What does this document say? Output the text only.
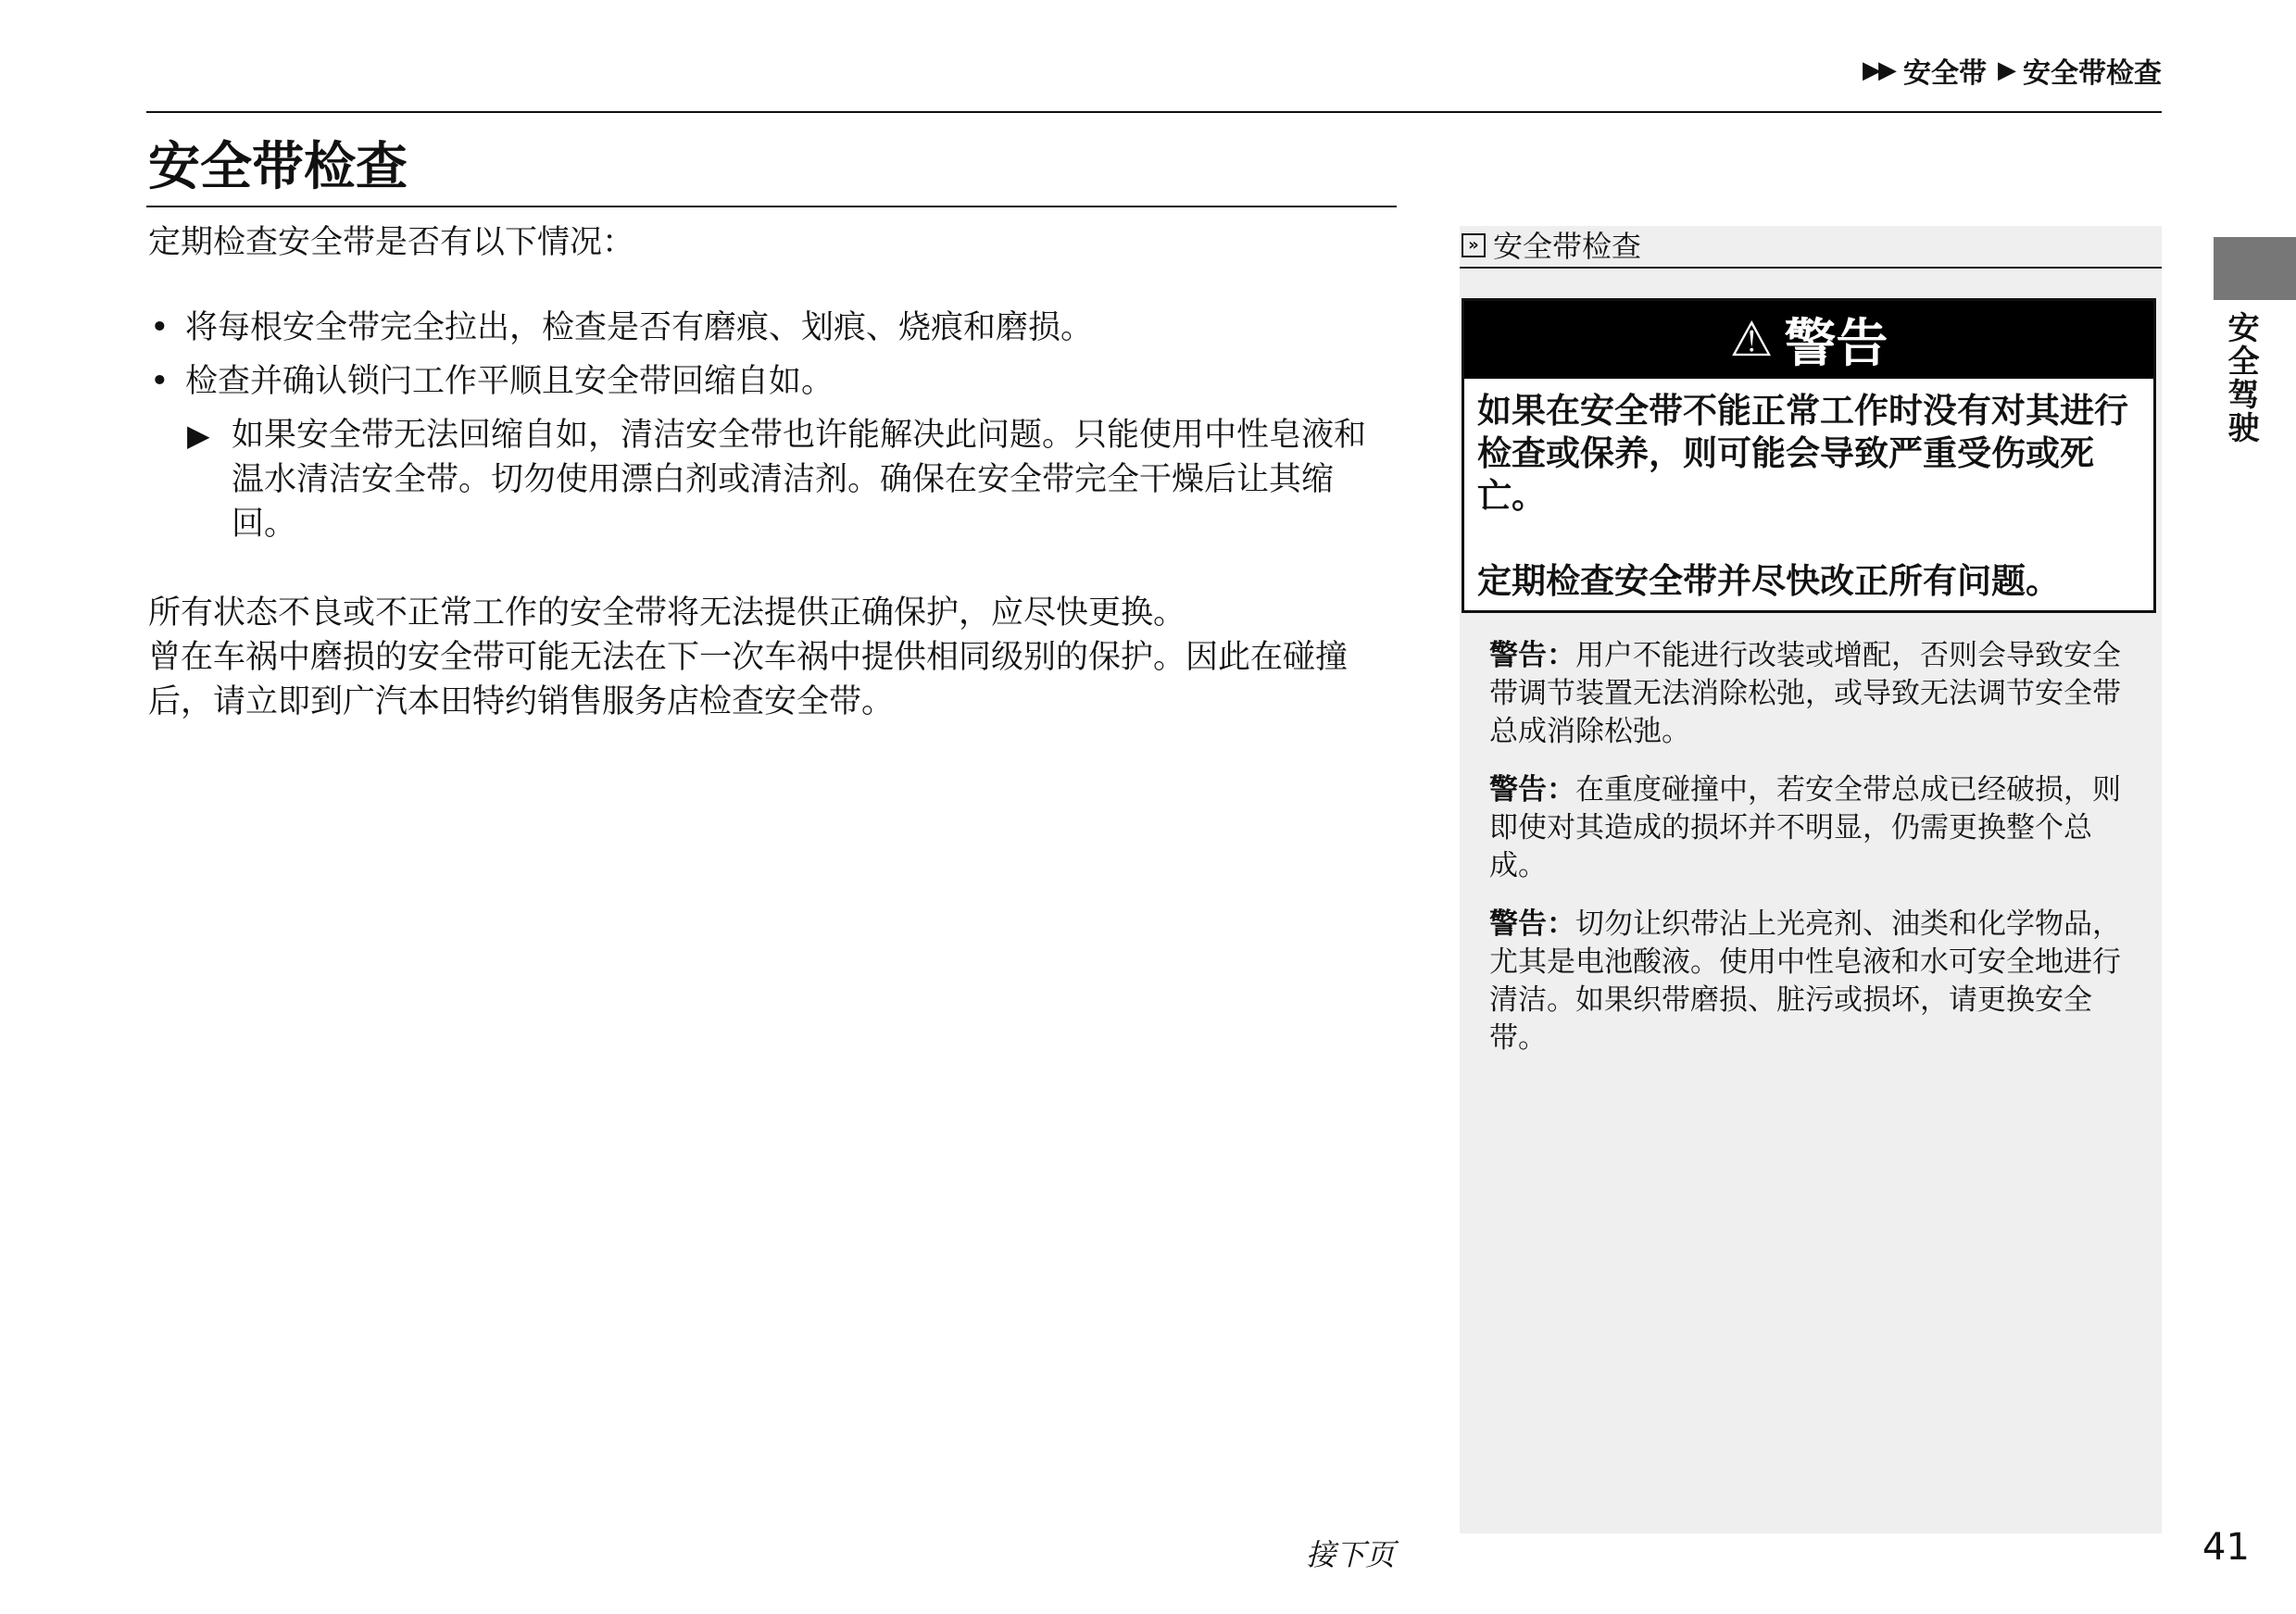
▶▶ 安全带 ▶ 安全带检查
安全带检查

定期检查安全带是否有以下情况：

• 将每根安全带完全拉出，检查是否有磨痕、划痕、烧痕和磨损。

• 检查并确认锁闩工作平顺且安全带回缩自如。

▶ 如果安全带无法回缩自如，清洁安全带也许能解决此问题。只能使用中性皂液和温水清洁安全带。切勿使用漂白剂或清洁剂。确保在安全带完全干燥后让其缩回。

所有状态不良或不正常工作的安全带将无法提供正确保护，应尽快更换。

曾在车祸中磨损的安全带可能无法在下一次车祸中提供相同级别的保护。因此在碰撞后，请立即到广汽本田特约销售服务店检查安全带。

» 安全带检查
⚠ 警告

如果在安全带不能正常工作时没有对其进行检查或保养，则可能会导致严重受伤或死亡。

定期检查安全带并尽快改正所有问题。

警告：用户不能进行改装或增配，否则会导致安全带调节装置无法消除松弛，或导致无法调节安全带总成消除松弛。

警告：在重度碰撞中，若安全带总成已经破损，则即使对其造成的损坏并不明显，仍需更换整个总成。

警告：切勿让织带沾上光亮剂、油类和化学物品，尤其是电池酸液。使用中性皂液和水可安全地进行清洁。如果织带磨损、脏污或损坏，请更换安全带。

安全驾驶
接下页	41
